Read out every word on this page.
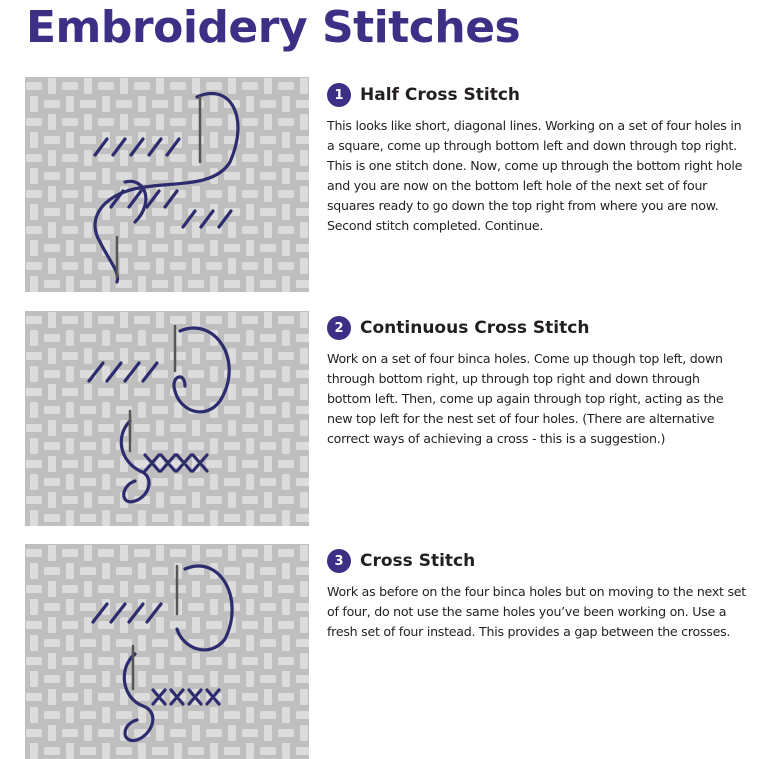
Embroidery Stitches
1 Half Cross Stitch

This looks like short, diagonal lines. Working on a set of four holes in a square, come up through bottom left and down through top right. This is one stitch done. Now, come up through the bottom right hole and you are now on the bottom left hole of the next set of four squares ready to go down the top right from where you are now. Second stitch completed. Continue.

2 Continuous Cross Stitch

Work on a set of four binca holes. Come up though top left, down through bottom right, up through top right and down through bottom left. Then, come up again through top right, acting as the new top left for the nest set of four holes. (There are alternative correct ways of achieving a cross - this is a suggestion.)

3 Cross Stitch

Work as before on the four binca holes but on moving to the next set of four, do not use the same holes you’ve been working on. Use a fresh set of four instead. This provides a gap between the crosses.
